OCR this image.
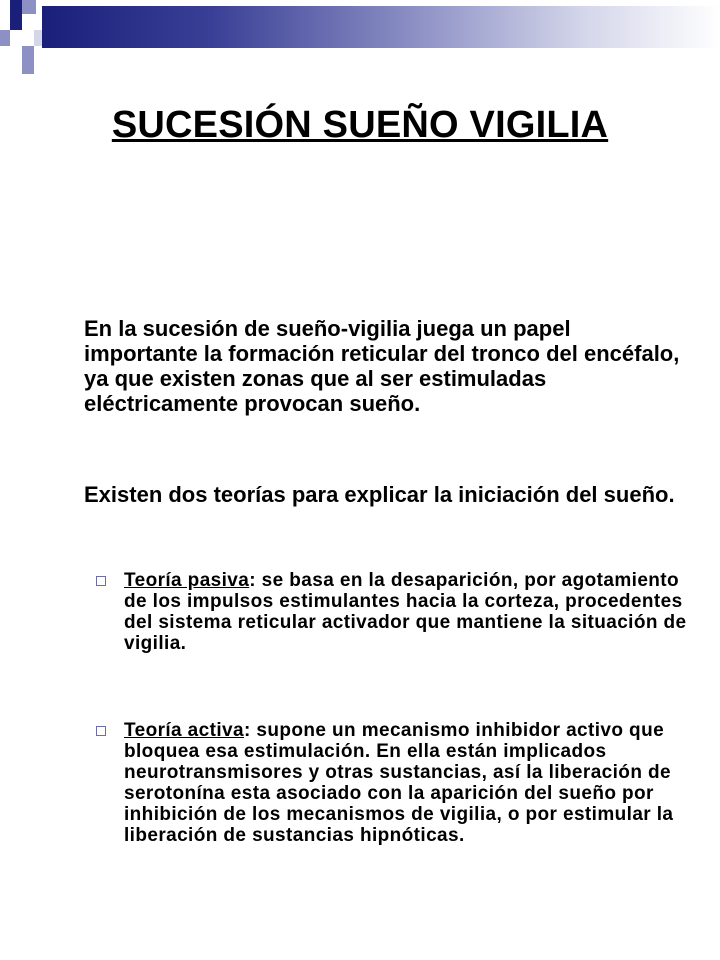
SUCESIÓN SUEÑO VIGILIA

En la sucesión de sueño-vigilia juega un papel importante la formación reticular del tronco del encéfalo, ya que existen zonas que al ser estimuladas eléctricamente provocan sueño.

Existen dos teorías para explicar la iniciación del sueño.

Teoría pasiva: se basa en la desaparición, por agotamiento de los impulsos estimulantes hacia la corteza, procedentes del sistema reticular activador que mantiene la situación de vigilia.

Teoría activa: supone un mecanismo inhibidor activo que bloquea esa estimulación. En ella están implicados neurotransmisores y otras sustancias, así la liberación de serotonína esta asociado con la aparición del sueño por inhibición de los mecanismos de vigilia, o por estimular la liberación de sustancias hipnóticas.
